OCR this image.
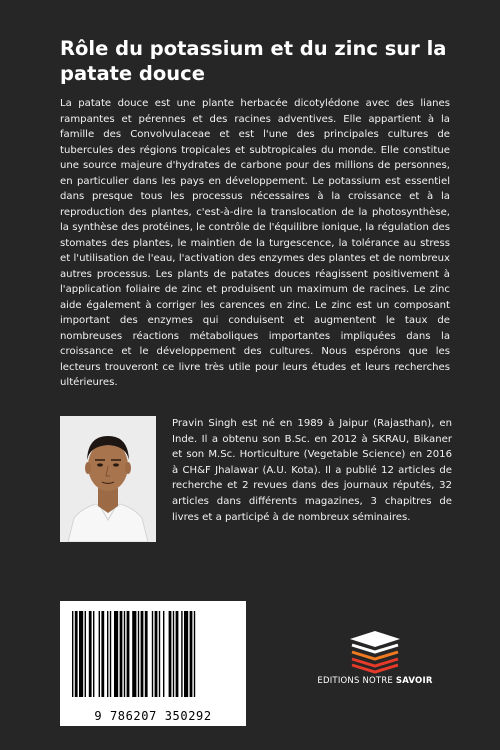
Rôle du potassium et du zinc sur la patate douce

La patate douce est une plante herbacée dicotylédone avec des lianes rampantes et pérennes et des racines adventives. Elle appartient à la famille des Convolvulaceae et est l'une des principales cultures de tubercules des régions tropicales et subtropicales du monde. Elle constitue une source majeure d'hydrates de carbone pour des millions de personnes, en particulier dans les pays en développement. Le potassium est essentiel dans presque tous les processus nécessaires à la croissance et à la reproduction des plantes, c'est-à-dire la translocation de la photosynthèse, la synthèse des protéines, le contrôle de l'équilibre ionique, la régulation des stomates des plantes, le maintien de la turgescence, la tolérance au stress et l'utilisation de l'eau, l'activation des enzymes des plantes et de nombreux autres processus. Les plants de patates douces réagissent positivement à l'application foliaire de zinc et produisent un maximum de racines. Le zinc aide également à corriger les carences en zinc. Le zinc est un composant important des enzymes qui conduisent et augmentent le taux de nombreuses réactions métaboliques importantes impliquées dans la croissance et le développement des cultures. Nous espérons que les lecteurs trouveront ce livre très utile pour leurs études et leurs recherches ultérieures.

Pravin Singh est né en 1989 à Jaipur (Rajasthan), en Inde. Il a obtenu son B.Sc. en 2012 à SKRAU, Bikaner et son M.Sc. Horticulture (Vegetable Science) en 2016 à CH&F Jhalawar (A.U. Kota). Il a publié 12 articles de recherche et 2 revues dans des journaux réputés, 32 articles dans différents magazines, 3 chapitres de livres et a participé à de nombreux séminaires.

9 786207 350292
EDITIONS NOTRE SAVOIR
